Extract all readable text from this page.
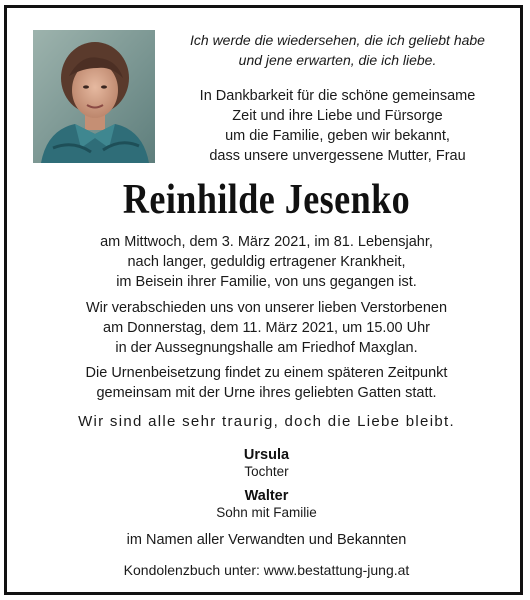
Ich werde die wiedersehen, die ich geliebt habe
und jene erwarten, die ich liebe.
In Dankbarkeit für die schöne gemeinsame
Zeit und ihre Liebe und Fürsorge
um die Familie, geben wir bekannt,
dass unsere unvergessene Mutter, Frau
Reinhilde Jesenko
am Mittwoch, dem 3. März 2021, im 81. Lebensjahr,
nach langer, geduldig ertragener Krankheit,
im Beisein ihrer Familie, von uns gegangen ist.
Wir verabschieden uns von unserer lieben Verstorbenen
am Donnerstag, dem 11. März 2021, um 15.00 Uhr
in der Aussegnungshalle am Friedhof Maxglan.
Die Urnenbeisetzung findet zu einem späteren Zeitpunkt
gemeinsam mit der Urne ihres geliebten Gatten statt.
Wir sind alle sehr traurig, doch die Liebe bleibt.
Ursula
Tochter
Walter
Sohn mit Familie
im Namen aller Verwandten und Bekannten
Kondolenzbuch unter: www.bestattung-jung.at
